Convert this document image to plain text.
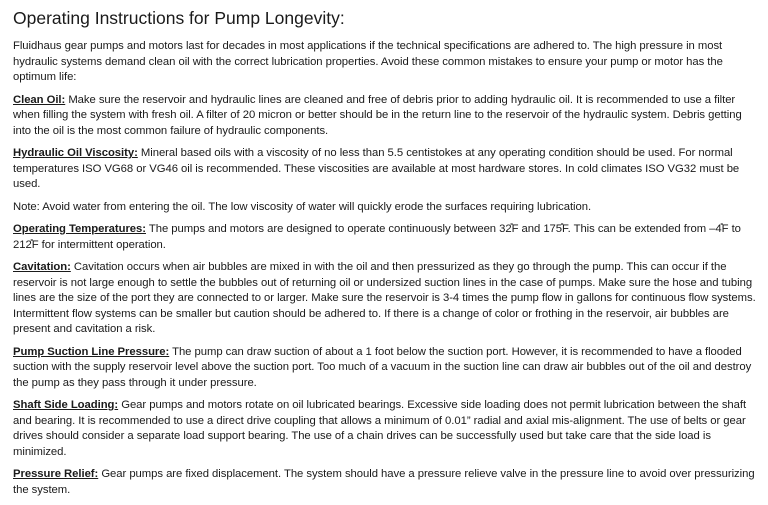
Operating Instructions for Pump Longevity:

Fluidhaus gear pumps and motors last for decades in most applications if the technical specifications are adhered to. The high pressure in most hydraulic systems demand clean oil with the correct lubrication properties. Avoid these common mistakes to ensure your pump or motor has the optimum life:

Clean Oil: Make sure the reservoir and hydraulic lines are cleaned and free of debris prior to adding hydraulic oil. It is recommended to use a filter when filling the system with fresh oil. A filter of 20 micron or better should be in the return line to the reservoir of the hydraulic system. Debris getting into the oil is the most common failure of hydraulic components.

Hydraulic Oil Viscosity: Mineral based oils with a viscosity of no less than 5.5 centistokes at any operating condition should be used. For normal temperatures ISO VG68 or VG46 oil is recommended. These viscosities are available at most hardware stores. In cold climates ISO VG32 must be used.

Note: Avoid water from entering the oil. The low viscosity of water will quickly erode the surfaces requiring lubrication.

Operating Temperatures: The pumps and motors are designed to operate continuously between 32̊F and 175̊F. This can be extended from –4̊F to 212̊F for intermittent operation.

Cavitation: Cavitation occurs when air bubbles are mixed in with the oil and then pressurized as they go through the pump. This can occur if the reservoir is not large enough to settle the bubbles out of returning oil or undersized suction lines in the case of pumps. Make sure the hose and tubing lines are the size of the port they are connected to or larger. Make sure the reservoir is 3-4 times the pump flow in gallons for continuous flow systems. Intermittent flow systems can be smaller but caution should be adhered to. If there is a change of color or frothing in the reservoir, air bubbles are present and cavitation a risk.

Pump Suction Line Pressure: The pump can draw suction of about a 1 foot below the suction port. However, it is recommended to have a flooded suction with the supply reservoir level above the suction port. Too much of a vacuum in the suction line can draw air bubbles out of the oil and destroy the pump as they pass through it under pressure.

Shaft Side Loading: Gear pumps and motors rotate on oil lubricated bearings. Excessive side loading does not permit lubrication between the shaft and bearing. It is recommended to use a direct drive coupling that allows a minimum of 0.01” radial and axial mis-alignment. The use of belts or gear drives should consider a separate load support bearing. The use of a chain drives can be successfully used but take care that the side load is minimized.

Pressure Relief: Gear pumps are fixed displacement. The system should have a pressure relieve valve in the pressure line to avoid over pressurizing the system.
